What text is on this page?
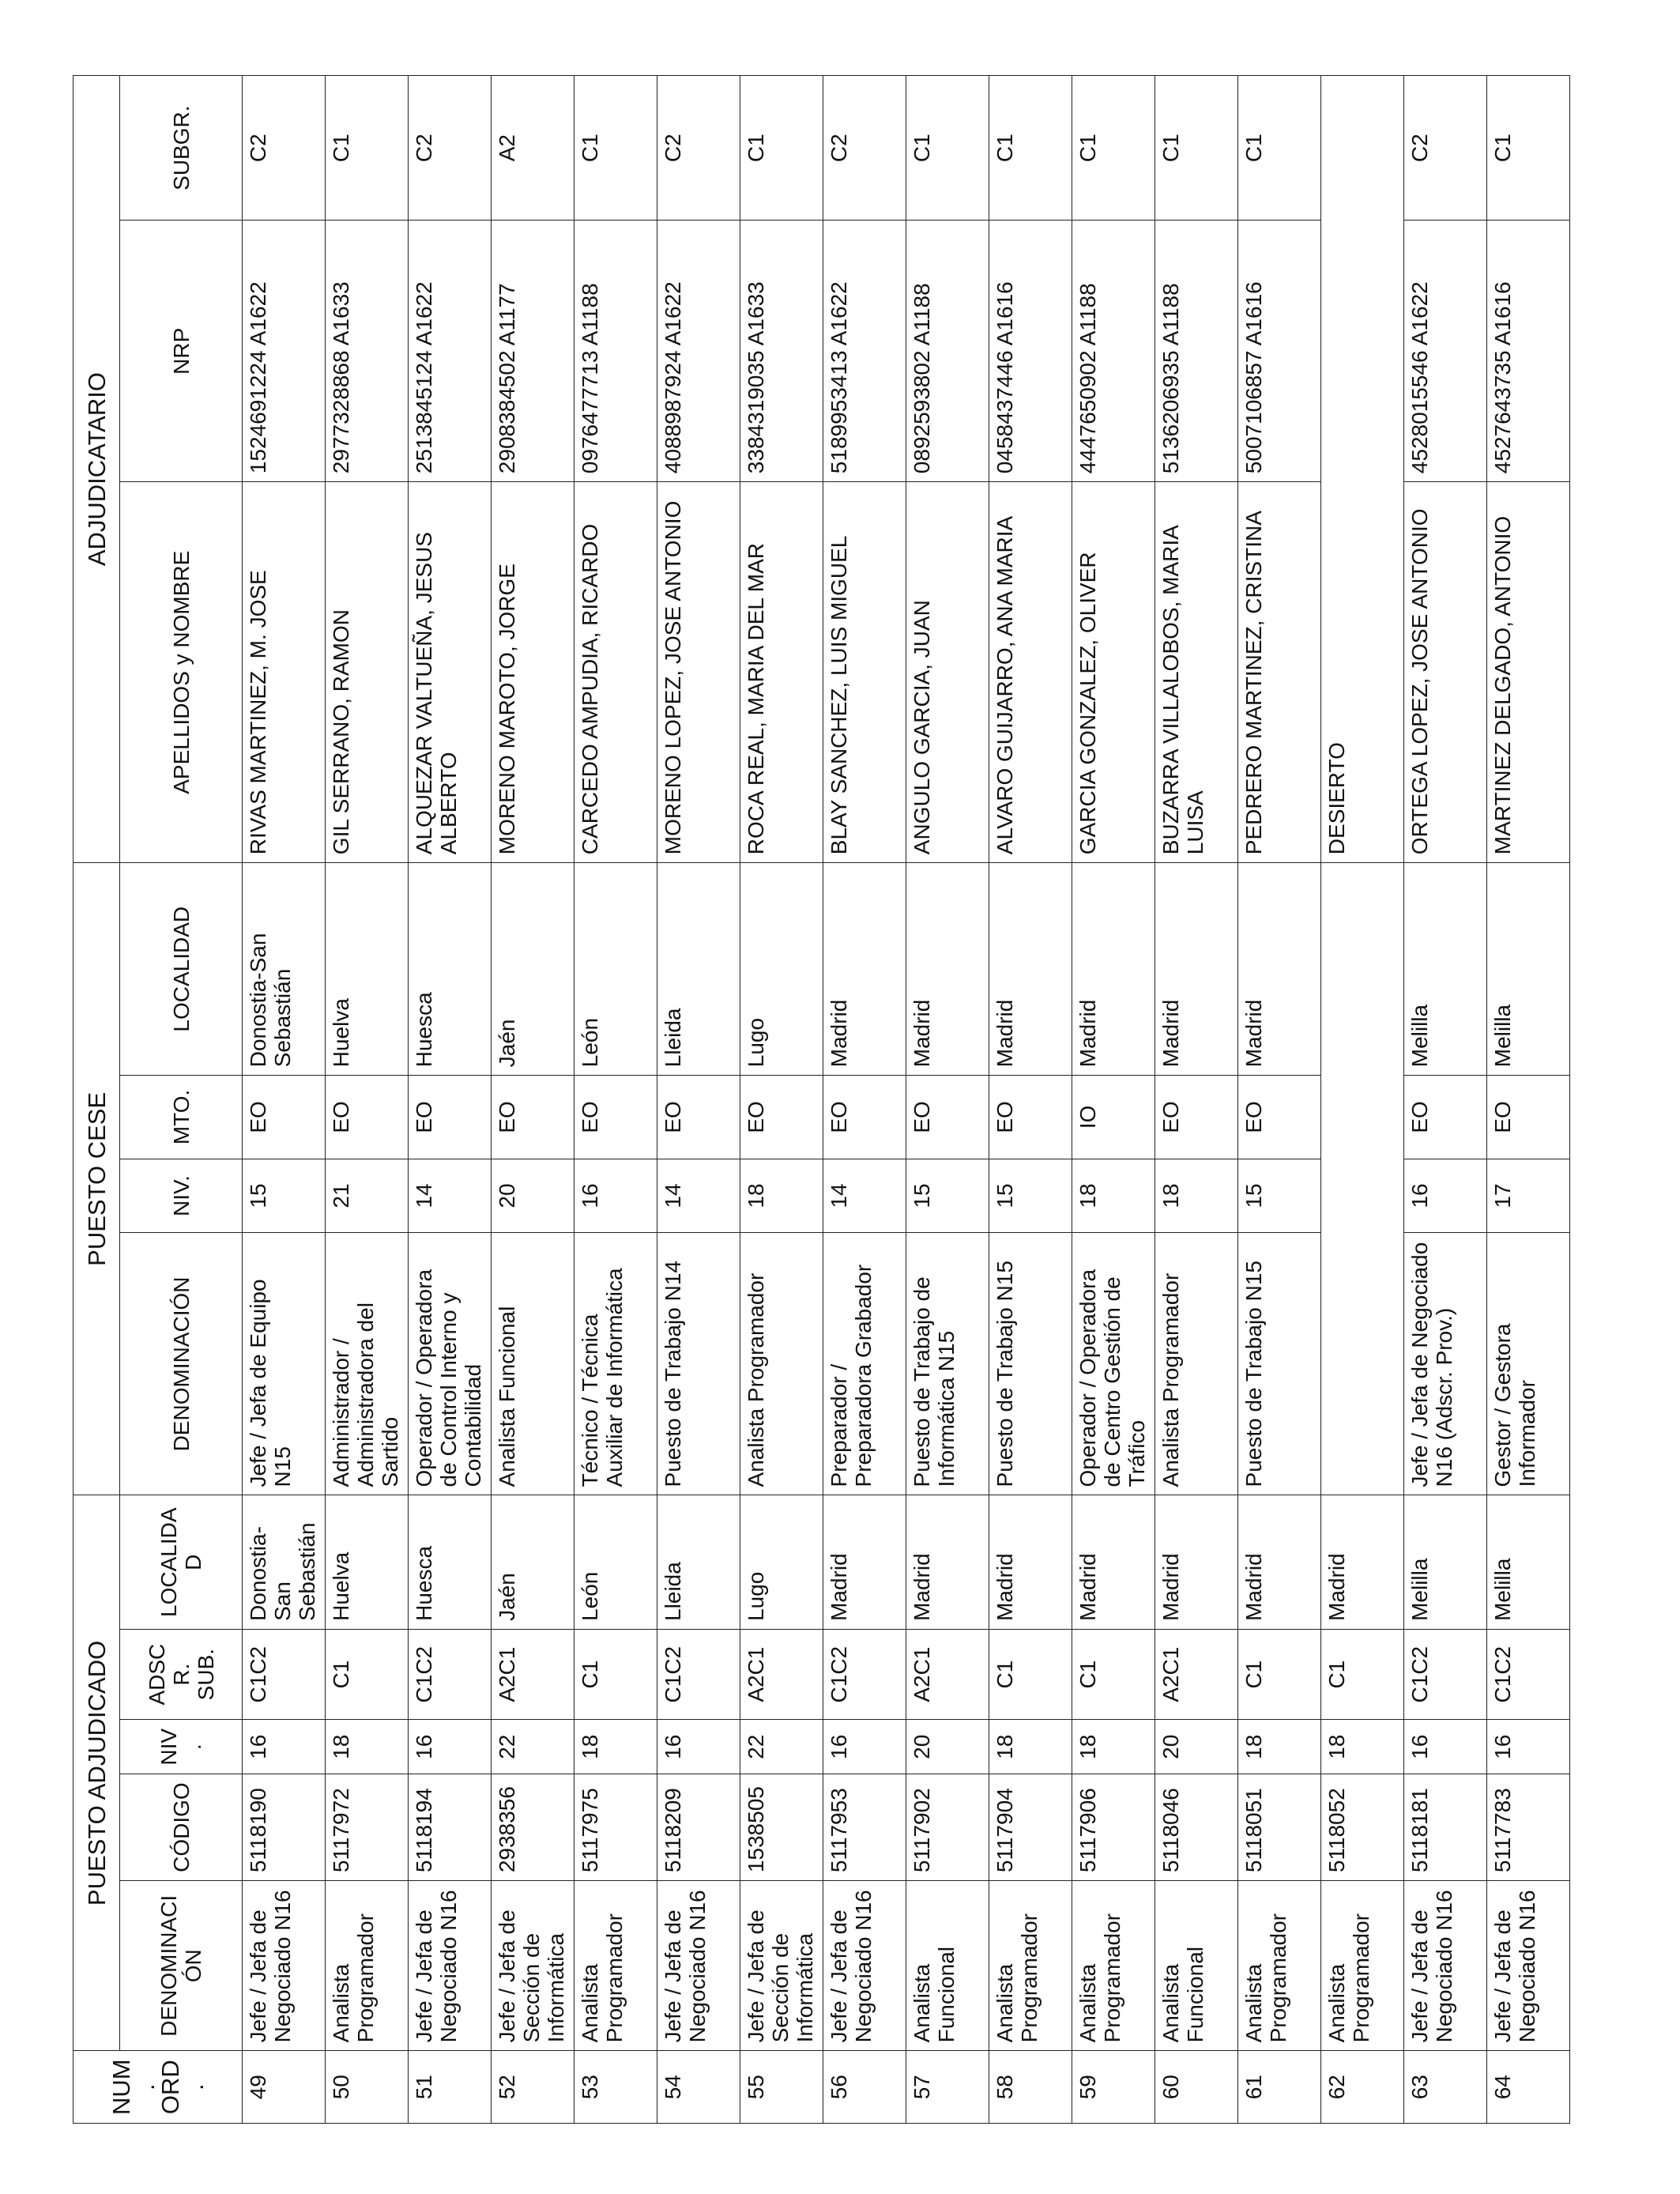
NUM. ORD.	PUESTO ADJUDICADO					PUESTO CESE				ADJUDICATARIO		
	DENOMINACIÓN	CÓDIGO	NIV.	ADSCR. SUB.	LOCALIDAD	DENOMINACIÓN	NIV.	MTO.	LOCALIDAD	APELLIDOS y NOMBRE	NRP	SUBGR.
49	Jefe / Jefa de Negociado N16	5118190	16	C1C2	Donostia-San Sebastián	Jefe / Jefa de Equipo N15	15	EO	Donostia-San Sebastián	RIVAS MARTINEZ, M. JOSE	1524691224 A1622	C2
50	Analista Programador	5117972	18	C1	Huelva	Administrador / Administradora del Sartido	21	EO	Huelva	GIL SERRANO, RAMON	2977328868 A1633	C1
51	Jefe / Jefa de Negociado N16	5118194	16	C1C2	Huesca	Operador / Operadora de Control Interno y Contabilidad	14	EO	Huesca	ALQUEZAR VALTUEÑA, JESUS ALBERTO	2513845124 A1622	C2
52	Jefe / Jefa de Sección de Informática	2938356	22	A2C1	Jaén	Analista Funcional	20	EO	Jaén	MORENO MAROTO, JORGE	2908384502 A1177	A2
53	Analista Programador	5117975	18	C1	León	Técnico / Técnica Auxiliar de Informática	16	EO	León	CARCEDO AMPUDIA, RICARDO	0976477713 A1188	C1
54	Jefe / Jefa de Negociado N16	5118209	16	C1C2	Lleida	Puesto de Trabajo N14	14	EO	Lleida	MORENO LOPEZ, JOSE ANTONIO	4088987924 A1622	C2
55	Jefe / Jefa de Sección de Informática	1538505	22	A2C1	Lugo	Analista Programador	18	EO	Lugo	ROCA REAL, MARIA DEL MAR	3384319035 A1633	C1
56	Jefe / Jefa de Negociado N16	5117953	16	C1C2	Madrid	Preparador / Preparadora Grabador	14	EO	Madrid	BLAY SANCHEZ, LUIS MIGUEL	5189953413 A1622	C2
57	Analista Funcional	5117902	20	A2C1	Madrid	Puesto de Trabajo de Informática N15	15	EO	Madrid	ANGULO GARCIA, JUAN	0892593802 A1188	C1
58	Analista Programador	5117904	18	C1	Madrid	Puesto de Trabajo N15	15	EO	Madrid	ALVARO GUIJARRO, ANA MARIA	0458437446 A1616	C1
59	Analista Programador	5117906	18	C1	Madrid	Operador / Operadora de Centro Gestión de Tráfico	18	IO	Madrid	GARCIA GONZALEZ, OLIVER	4447650902 A1188	C1
60	Analista Funcional	5118046	20	A2C1	Madrid	Analista Programador	18	EO	Madrid	BUZARRA VILLALOBOS, MARIA LUISA	5136206935 A1188	C1
61	Analista Programador	5118051	18	C1	Madrid	Puesto de Trabajo N15	15	EO	Madrid	PEDRERO MARTINEZ, CRISTINA	5007106857 A1616	C1
62	Analista Programador	5118052	18	C1	Madrid					DESIERTO		
63	Jefe / Jefa de Negociado N16	5118181	16	C1C2	Melilla	Jefe / Jefa de Negociado N16 (Adscr. Prov.)	16	EO	Melilla	ORTEGA LOPEZ, JOSE ANTONIO	4528015546 A1622	C2
64	Jefe / Jefa de Negociado N16	5117783	16	C1C2	Melilla	Gestor / Gestora Informador	17	EO	Melilla	MARTINEZ DELGADO, ANTONIO	4527643735 A1616	C1
